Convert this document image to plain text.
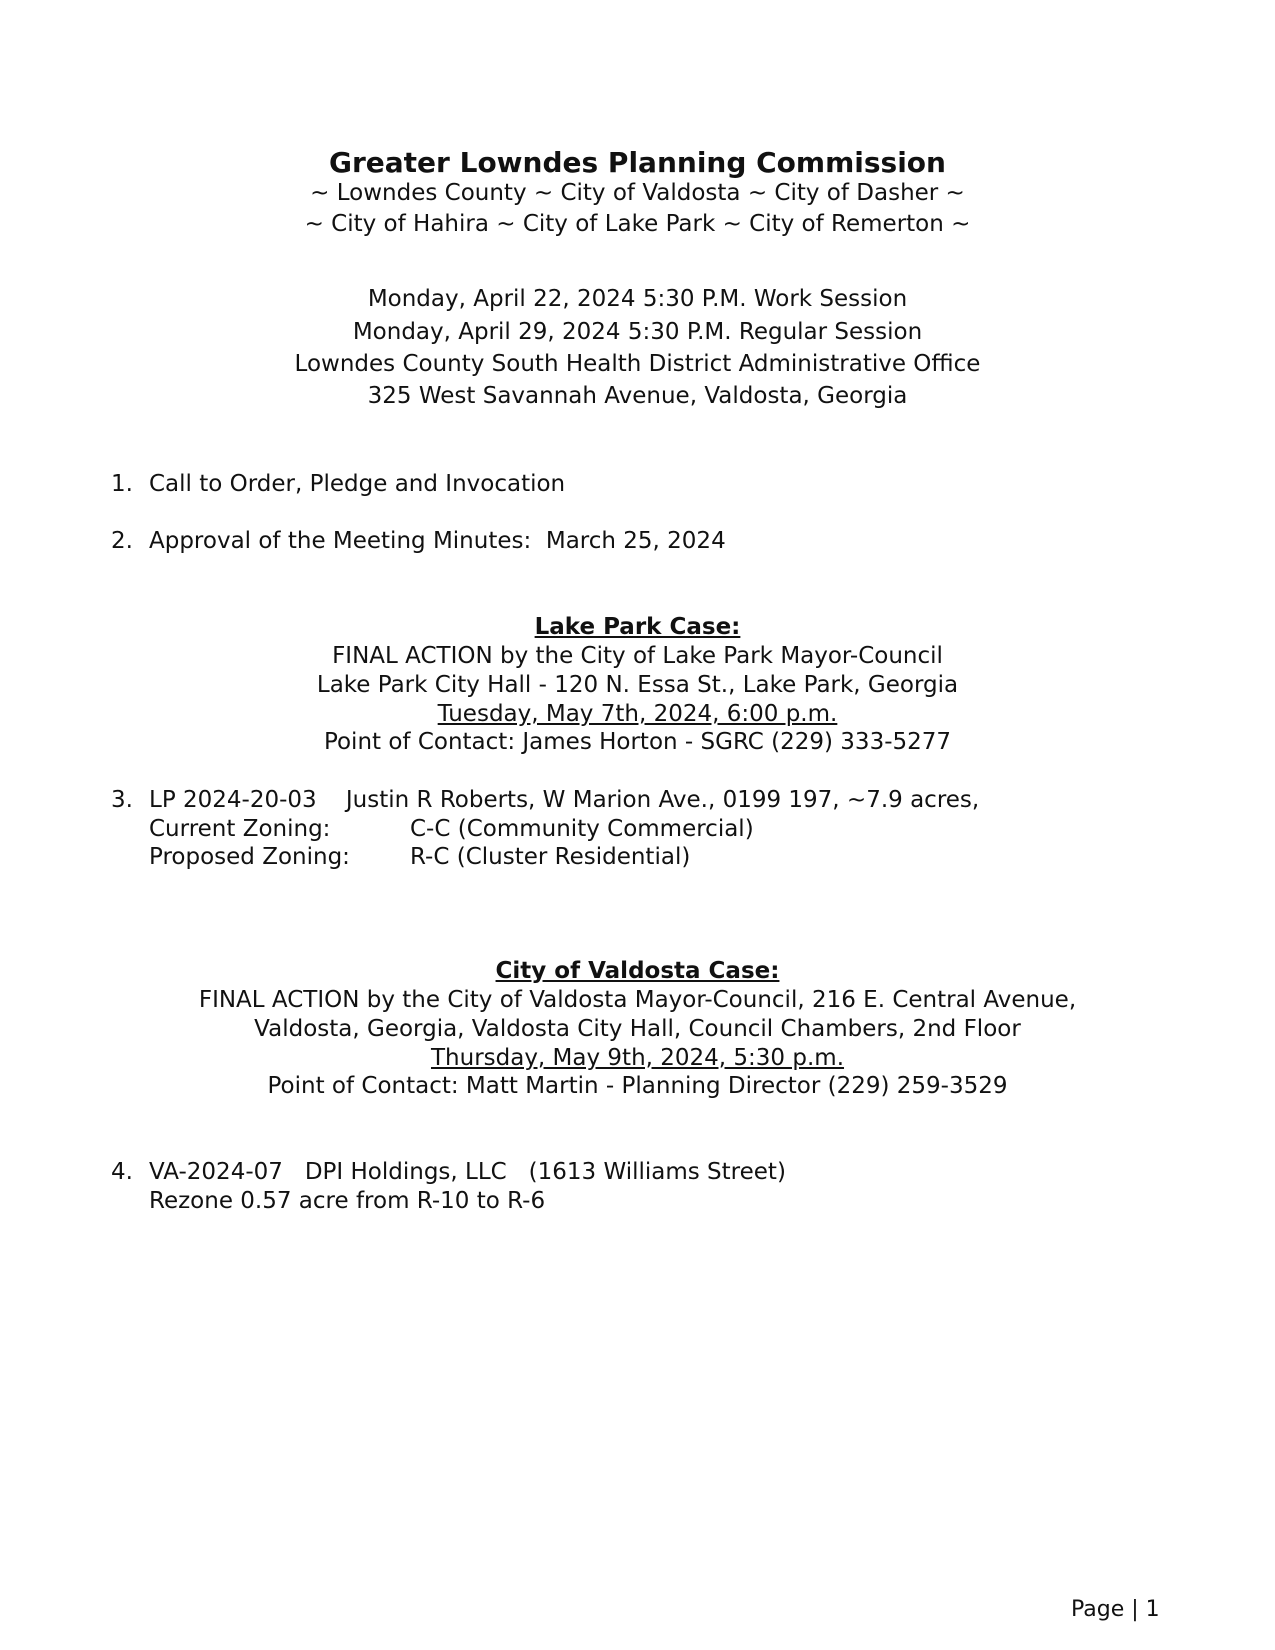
Greater Lowndes Planning Commission
~ Lowndes County ~ City of Valdosta ~ City of Dasher ~
~ City of Hahira ~ City of Lake Park ~ City of Remerton ~
Monday, April 22, 2024 5:30 P.M. Work Session
Monday, April 29, 2024 5:30 P.M. Regular Session
Lowndes County South Health District Administrative Office
325 West Savannah Avenue, Valdosta, Georgia
1. Call to Order, Pledge and Invocation
2. Approval of the Meeting Minutes:  March 25, 2024
Lake Park Case:
FINAL ACTION by the City of Lake Park Mayor-Council
Lake Park City Hall - 120 N. Essa St., Lake Park, Georgia
Tuesday, May 7th, 2024, 6:00 p.m.
Point of Contact: James Horton - SGRC (229) 333-5277
3. LP 2024-20-03    Justin R Roberts, W Marion Ave., 0199 197, ~7.9 acres,
Current Zoning:	C-C (Community Commercial)
Proposed Zoning:	R-C (Cluster Residential)
City of Valdosta Case:
FINAL ACTION by the City of Valdosta Mayor-Council, 216 E. Central Avenue,
Valdosta, Georgia, Valdosta City Hall, Council Chambers, 2nd Floor
Thursday, May 9th, 2024, 5:30 p.m.
Point of Contact: Matt Martin - Planning Director (229) 259-3529
4. VA-2024-07   DPI Holdings, LLC   (1613 Williams Street)
Rezone 0.57 acre from R-10 to R-6
Page | 1
